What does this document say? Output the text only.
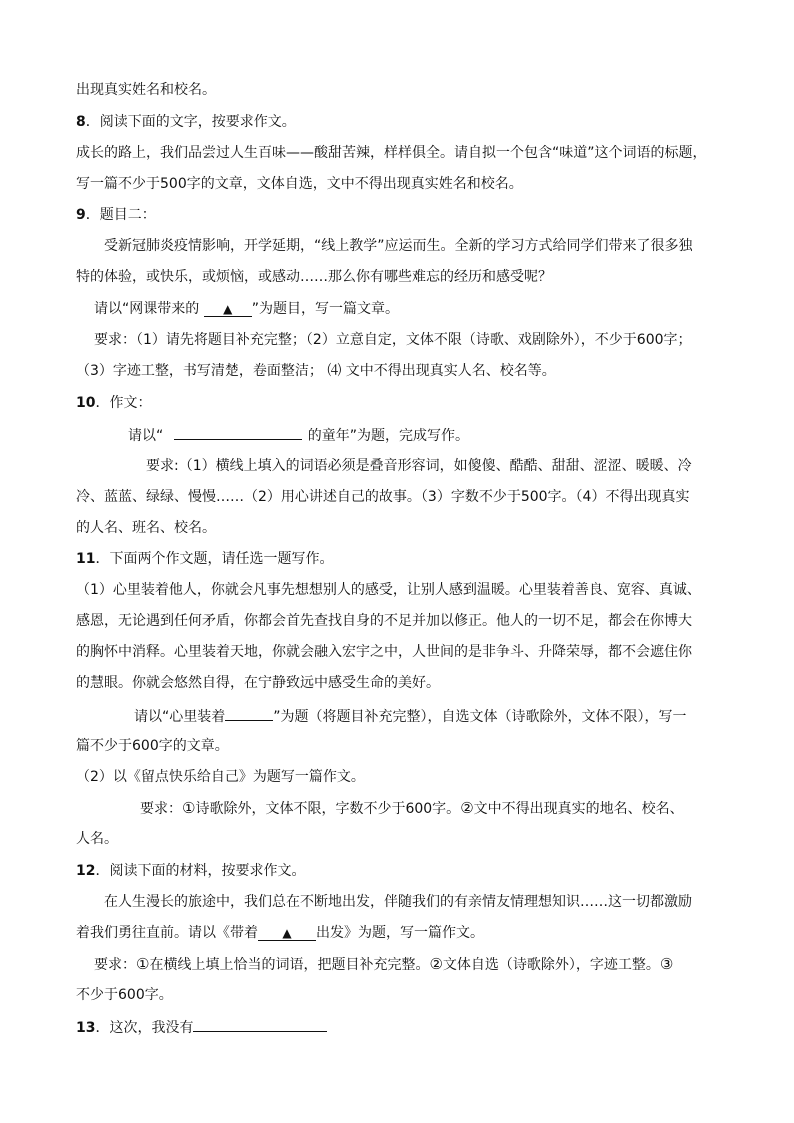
出现真实姓名和校名。
8．阅读下面的文字，按要求作文。
成长的路上，我们品尝过人生百味——酸甜苦辣，样样俱全。请自拟一个包含“味道”这个词语的标题，
写一篇不少于500字的文章，文体自选，文中不得出现真实姓名和校名。
9．题目二：
受新冠肺炎疫情影响，开学延期，“线上教学”应运而生。全新的学习方式给同学们带来了很多独
特的体验，或快乐，或烦恼，或感动……那么你有哪些难忘的经历和感受呢？
请以“网课带来的 ▲ ”为题目，写一篇文章。
要求：（1）请先将题目补充完整；（2）立意自定，文体不限（诗歌、戏剧除外），不少于600字；
（3）字迹工整，书写清楚，卷面整洁； ⑷ 文中不得出现真实人名、校名等。
10．作文：
请以“	的童年”为题，完成写作。
要求:（1）横线上填入的词语必须是叠音形容词，如傻傻、酷酷、甜甜、涩涩、暖暖、冷
冷、蓝蓝、绿绿、慢慢……（2）用心讲述自己的故事。（3）字数不少于500字。（4）不得出现真实
的人名、班名、校名。
11．下面两个作文题，请任选一题写作。
（1）心里装着他人，你就会凡事先想想别人的感受，让别人感到温暖。心里装着善良、宽容、真诚、
感恩，无论遇到任何矛盾，你都会首先查找自身的不足并加以修正。他人的一切不足，都会在你博大
的胸怀中消释。心里装着天地，你就会融入宏宇之中，人世间的是非争斗、升降荣辱，都不会遮住你
的慧眼。你就会悠然自得，在宁静致远中感受生命的美好。
请以“心里装着	”为题（将题目补充完整），自选文体（诗歌除外，文体不限），写一
篇不少于600字的文章。
（2）以《留点快乐给自己》为题写一篇作文。
要求：①诗歌除外，文体不限，字数不少于600字。②文中不得出现真实的地名、校名、
人名。
12．阅读下面的材料，按要求作文。
在人生漫长的旅途中，我们总在不断地出发，伴随我们的有亲情友情理想知识……这一切都激励
着我们勇往直前。请以《带着 ▲ 出发》为题，写一篇作文。
要求：①在横线上填上恰当的词语，把题目补充完整。②文体自选（诗歌除外），字迹工整。③
不少于600字。
13．这次，我没有
